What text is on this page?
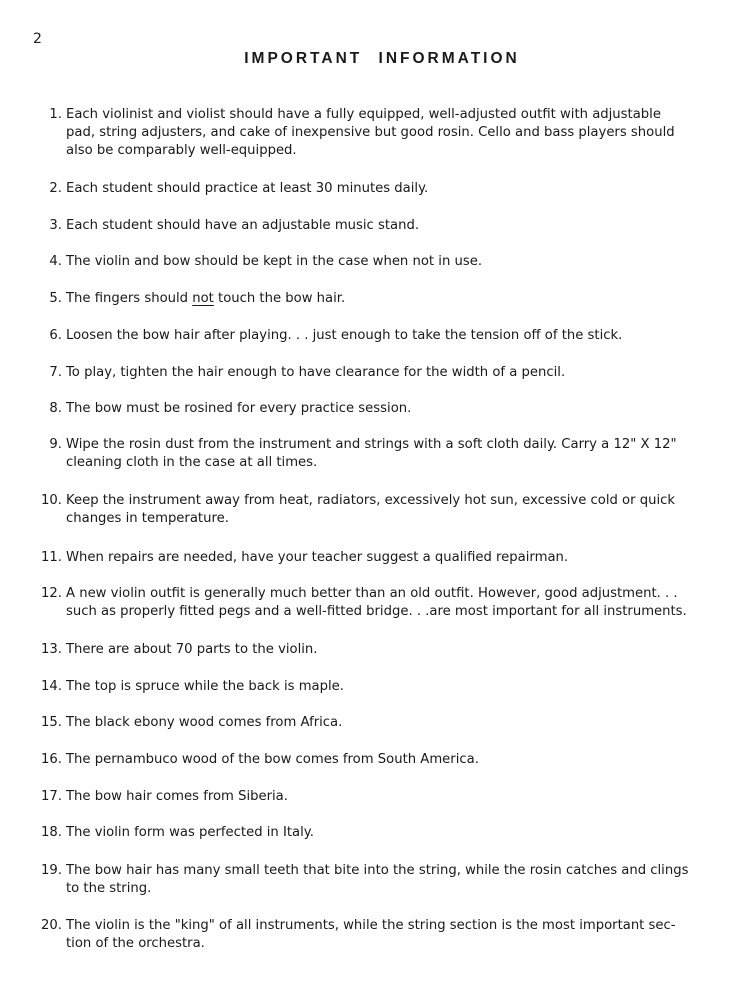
2
IMPORTANT INFORMATION
1. Each violinist and violist should have a fully equipped, well-adjusted outfit with adjustable
pad, string adjusters, and cake of inexpensive but good rosin. Cello and bass players should
also be comparably well-equipped.
2. Each student should practice at least 30 minutes daily.
3. Each student should have an adjustable music stand.
4. The violin and bow should be kept in the case when not in use.
5. The fingers should not touch the bow hair.
6. Loosen the bow hair after playing. . . just enough to take the tension off of the stick.
7. To play, tighten the hair enough to have clearance for the width of a pencil.
8. The bow must be rosined for every practice session.
9. Wipe the rosin dust from the instrument and strings with a soft cloth daily. Carry a 12" X 12"
cleaning cloth in the case at all times.
10. Keep the instrument away from heat, radiators, excessively hot sun, excessive cold or quick
changes in temperature.
11. When repairs are needed, have your teacher suggest a qualified repairman.
12. A new violin outfit is generally much better than an old outfit. However, good adjustment. . .
such as properly fitted pegs and a well-fitted bridge. . .are most important for all instruments.
13. There are about 70 parts to the violin.
14. The top is spruce while the back is maple.
15. The black ebony wood comes from Africa.
16. The pernambuco wood of the bow comes from South America.
17. The bow hair comes from Siberia.
18. The violin form was perfected in Italy.
19. The bow hair has many small teeth that bite into the string, while the rosin catches and clings
to the string.
20. The violin is the "king" of all instruments, while the string section is the most important sec-
tion of the orchestra.
